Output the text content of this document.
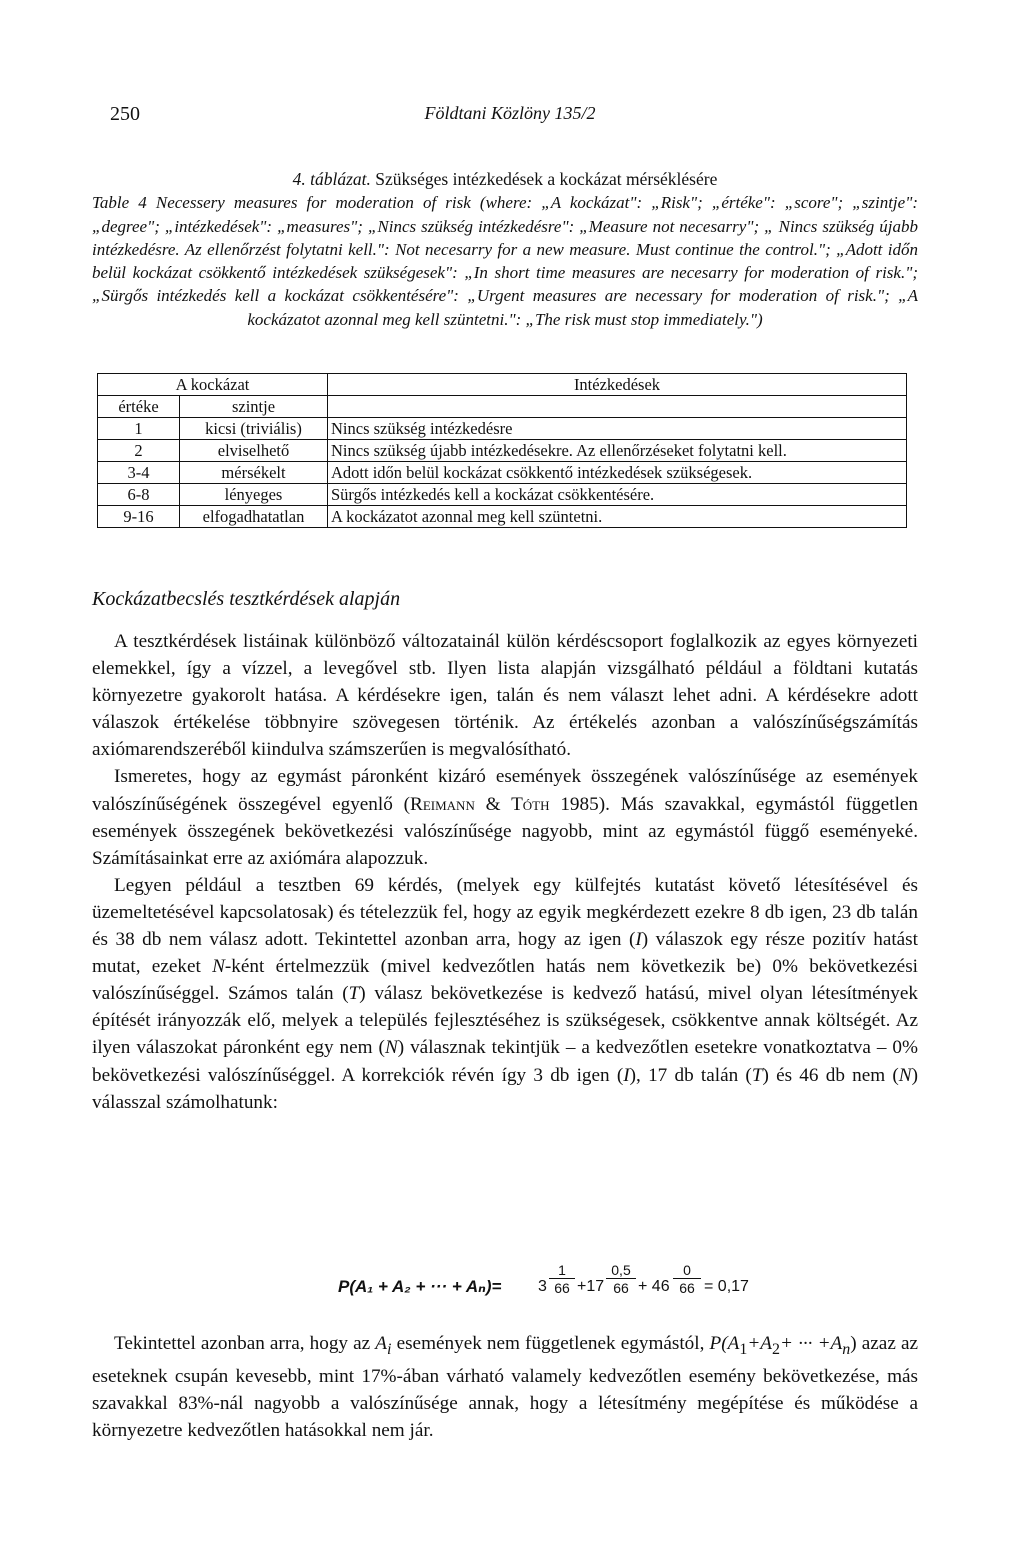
250	Földtani Közlöny 135/2
4. táblázat. Szükséges intézkedések a kockázat mérséklésére
Table 4 Necessery measures for moderation of risk (where: „A kockázat": „Risk"; „értéke": „score"; „szintje": „degree"; „intézkedések": „measures"; „Nincs szükség intézkedésre": „Measure not necesarry"; „ Nincs szükség újabb intézkedésre. Az ellenőrzést folytatni kell.": Not necesarry for a new measure. Must continue the control."; „Adott időn belül kockázat csökkentő intézkedések szükségesek": „In short time measures are necesarry for moderation of risk."; „Sürgős intézkedés kell a kockázat csökkentésére": „Urgent measures are necessary for moderation of risk."; „A kockázatot azonnal meg kell szüntetni.": „The risk must stop immediately.")
A kockázat		Intézkedések
értéke	szintje	
1	kicsi (triviális)	Nincs szükség intézkedésre
2	elviselhető	Nincs szükség újabb intézkedésekre. Az ellenőrzéseket folytatni kell.
3-4	mérsékelt	Adott időn belül kockázat csökkentő intézkedések szükségesek.
6-8	lényeges	Sürgős intézkedés kell a kockázat csökkentésére.
9-16	elfogadhatatlan	A kockázatot azonnal meg kell szüntetni.
Kockázatbecslés tesztkérdések alapján

A tesztkérdések listáinak különböző változatainál külön kérdéscsoport foglalkozik az egyes környezeti elemekkel, így a vízzel, a levegővel stb. Ilyen lista alapján vizsgálható például a földtani kutatás környezetre gyakorolt hatása. A kérdésekre igen, talán és nem választ lehet adni. A kérdésekre adott válaszok értékelése többnyire szövegesen történik. Az értékelés azonban a valószínűségszámítás axiómarendszeréből kiindulva számszerűen is megvalósítható.

Ismeretes, hogy az egymást páronként kizáró események összegének valószínűsége az események valószínűségének összegével egyenlő (Reimann & Tóth 1985). Más szavakkal, egymástól független események összegének bekövetkezési valószínűsége nagyobb, mint az egymástól függő eseményeké. Számításainkat erre az axiómára alapozzuk.

Legyen például a tesztben 69 kérdés, (melyek egy külfejtés kutatást követő létesítésével és üzemeltetésével kapcsolatosak) és tételezzük fel, hogy az egyik megkérdezett ezekre 8 db igen, 23 db talán és 38 db nem válasz adott. Tekintettel azonban arra, hogy az igen (I) válaszok egy része pozitív hatást mutat, ezeket N-ként értelmezzük (mivel kedvezőtlen hatás nem következik be) 0% bekövetkezési valószínűséggel. Számos talán (T) válasz bekövetkezése is kedvező hatású, mivel olyan létesítmények építését irányozzák elő, melyek a település fejlesztéséhez is szükségesek, csökkentve annak költségét. Az ilyen válaszokat páronként egy nem (N) válasznak tekintjük – a kedvezőtlen esetekre vonatkoztatva – 0% bekövetkezési valószínűséggel. A korrekciók révén így 3 db igen (I), 17 db talán (T) és 46 db nem (N) válasszal számolhatunk:

P(A₁ + A₂ + ··· + $A_n)= 3 \frac{1}{66} +17 \frac{0,5}{66} + 46 \frac{0}{66} = 0,17$

Tekintettel azonban arra, hogy az $A_i$ események nem függetlenek egymástól, $P(A_1+A_2+$ ··· $+A_n$) azaz az eseteknek csupán kevesebb, mint 17%-ában várható valamely kedvezőtlen esemény bekövetkezése, más szavakkal 83%-nál nagyobb a valószínűsége annak, hogy a létesítmény megépítése és működése a környezetre kedvezőtlen hatásokkal nem jár.
